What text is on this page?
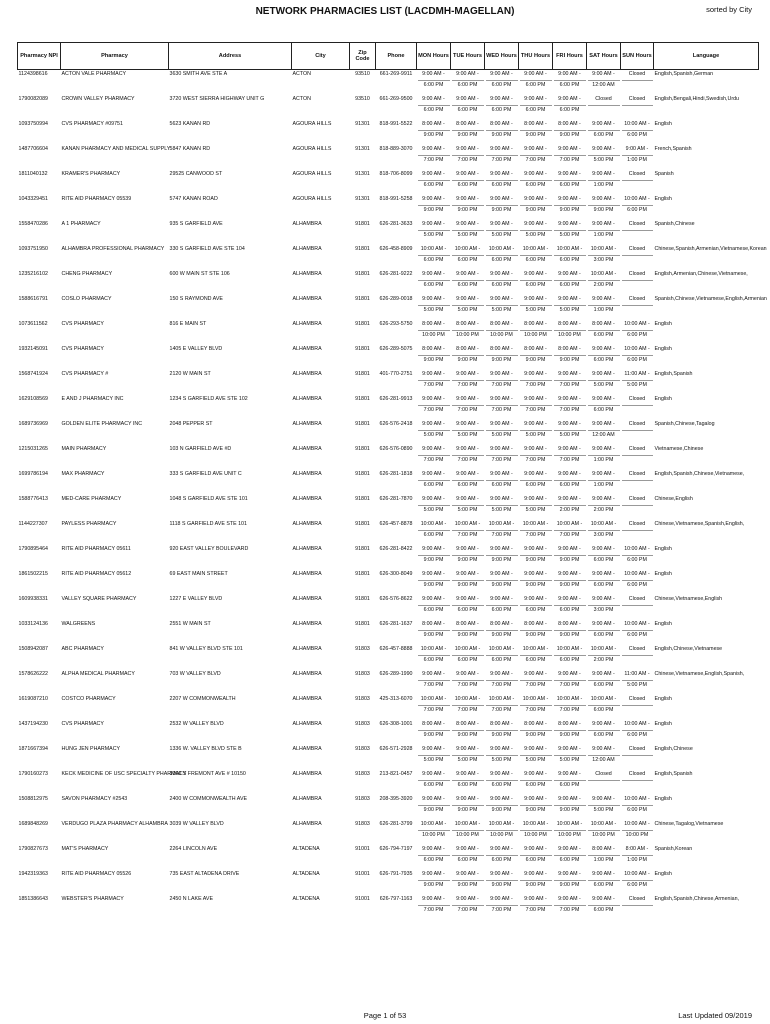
NETWORK PHARMACIES LIST (LACDMH-MAGELLAN)	sorted by City
Pharmacy NPI	Pharmacy	Address	City	Zip Code	Phone	MON Hours	TUE Hours	WED Hours	THU Hours	FRI Hours	SAT Hours	SUN Hours	Language
1124398616	ACTON VALE PHARMACY	3630 SMITH AVE STE A	ACTON	93510	661-269-9911	9:00 AM -
6:00 PM	9:00 AM -
6:00 PM	9:00 AM -
6:00 PM	9:00 AM -
6:00 PM	9:00 AM -
6:00 PM	9:00 AM -
12:00 AM	Closed	English,Spanish,German
1790082089	CROWN VALLEY PHARMACY	3720 WEST SIERRA HIGHWAY UNIT G	ACTON	93510	661-269-9500	9:00 AM -
6:00 PM	9:00 AM -
6:00 PM	9:00 AM -
6:00 PM	9:00 AM -
6:00 PM	9:00 AM -
6:00 PM	Closed	Closed	English,Bengali,Hindi,Swedish,Urdu
1093750994	CVS PHARMACY #09751	5623 KANAN RD	AGOURA HILLS	91301	818-991-5522	8:00 AM -
9:00 PM	8:00 AM -
9:00 PM	8:00 AM -
9:00 PM	8:00 AM -
9:00 PM	8:00 AM -
9:00 PM	9:00 AM -
6:00 PM	10:00 AM -
6:00 PM	English
1487706604	KANAN PHARMACY AND MEDICAL SUPPLY	5847 KANAN RD	AGOURA HILLS	91301	818-889-3070	9:00 AM -
7:00 PM	9:00 AM -
7:00 PM	9:00 AM -
7:00 PM	9:00 AM -
7:00 PM	9:00 AM -
7:00 PM	9:00 AM -
5:00 PM	9:00 AM -
1:00 PM	French,Spanish
1811040132	KRAMER'S PHARMACY	29525 CANWOOD ST	AGOURA HILLS	91301	818-706-8099	9:00 AM -
6:00 PM	9:00 AM -
6:00 PM	9:00 AM -
6:00 PM	9:00 AM -
6:00 PM	9:00 AM -
6:00 PM	9:00 AM -
1:00 PM	Closed	Spanish
1043329451	RITE AID PHARMACY 05539	5747 KANAN ROAD	AGOURA HILLS	91301	818-991-5258	9:00 AM -
9:00 PM	9:00 AM -
9:00 PM	9:00 AM -
9:00 PM	9:00 AM -
9:00 PM	9:00 AM -
9:00 PM	9:00 AM -
9:00 PM	10:00 AM -
6:00 PM	English
1558470286	A 1 PHARMACY	935 S GARFIELD AVE	ALHAMBRA	91801	626-281-3633	9:00 AM -
5:00 PM	9:00 AM -
5:00 PM	9:00 AM -
5:00 PM	9:00 AM -
5:00 PM	9:00 AM -
5:00 PM	9:00 AM -
1:00 PM	Closed	Spanish,Chinese
1093751950	ALHAMBRA PROFESSIONAL PHARMACY	330 S GARFIELD AVE STE 104	ALHAMBRA	91801	626-458-8909	10:00 AM -
6:00 PM	10:00 AM -
6:00 PM	10:00 AM -
6:00 PM	10:00 AM -
6:00 PM	10:00 AM -
6:00 PM	10:00 AM -
3:00 PM	Closed	Chinese,Spanish,Armenian,Vietnamese,Korean
1235216102	CHENG PHARMACY	600 W MAIN ST STE 106	ALHAMBRA	91801	626-281-9222	9:00 AM -
6:00 PM	9:00 AM -
6:00 PM	9:00 AM -
6:00 PM	9:00 AM -
6:00 PM	9:00 AM -
6:00 PM	10:00 AM -
2:00 PM	Closed	English,Armenian,Chinese,Vietnamese,
1588616791	COSLO PHARMACY	150 S RAYMOND AVE	ALHAMBRA	91801	626-289-0018	9:00 AM -
5:00 PM	9:00 AM -
5:00 PM	9:00 AM -
5:00 PM	9:00 AM -
5:00 PM	9:00 AM -
5:00 PM	9:00 AM -
1:00 PM	Closed	Spanish,Chinese,Vietnamese,English,Armenian
1073611562	CVS PHARMACY	816 E MAIN ST	ALHAMBRA	91801	626-293-5750	8:00 AM -
10:00 PM	8:00 AM -
10:00 PM	8:00 AM -
10:00 PM	8:00 AM -
10:00 PM	8:00 AM -
10:00 PM	8:00 AM -
6:00 PM	10:00 AM -
6:00 PM	English
1932145091	CVS PHARMACY	1405 E VALLEY BLVD	ALHAMBRA	91801	626-289-5075	8:00 AM -
9:00 PM	8:00 AM -
9:00 PM	8:00 AM -
9:00 PM	8:00 AM -
9:00 PM	8:00 AM -
9:00 PM	9:00 AM -
6:00 PM	10:00 AM -
6:00 PM	English
1568741924	CVS PHARMACY #	2120 W MAIN ST	ALHAMBRA	91801	401-770-2751	9:00 AM -
7:00 PM	9:00 AM -
7:00 PM	9:00 AM -
7:00 PM	9:00 AM -
7:00 PM	9:00 AM -
7:00 PM	9:00 AM -
5:00 PM	11:00 AM -
5:00 PM	English,Spanish
1629108569	E AND J PHARMACY INC	1234 S GARFIELD AVE STE 102	ALHAMBRA	91801	626-281-9913	9:00 AM -
7:00 PM	9:00 AM -
7:00 PM	9:00 AM -
7:00 PM	9:00 AM -
7:00 PM	9:00 AM -
7:00 PM	9:00 AM -
6:00 PM	Closed	English
1689736969	GOLDEN ELITE PHARMACY INC	2048 PEPPER ST	ALHAMBRA	91801	626-576-2418	9:00 AM -
5:00 PM	9:00 AM -
5:00 PM	9:00 AM -
5:00 PM	9:00 AM -
5:00 PM	9:00 AM -
5:00 PM	9:00 AM -
12:00 AM	Closed	Spanish,Chinese,Tagalog
1215031265	MAIN PHARMACY	103 N GARFIELD AVE #D	ALHAMBRA	91801	626-576-0890	9:00 AM -
7:00 PM	9:00 AM -
7:00 PM	9:00 AM -
7:00 PM	9:00 AM -
7:00 PM	9:00 AM -
7:00 PM	9:00 AM -
1:00 PM	Closed	Vietnamese,Chinese
1699786194	MAX PHARMACY	333 S GARFIELD AVE UNIT C	ALHAMBRA	91801	626-281-1818	9:00 AM -
6:00 PM	9:00 AM -
6:00 PM	9:00 AM -
6:00 PM	9:00 AM -
6:00 PM	9:00 AM -
6:00 PM	9:00 AM -
1:00 PM	Closed	English,Spanish,Chinese,Vietnamese,
1588776413	MED-CARE PHARMACY	1048 S GARFIELD AVE STE 101	ALHAMBRA	91801	626-281-7870	9:00 AM -
5:00 PM	9:00 AM -
5:00 PM	9:00 AM -
5:00 PM	9:00 AM -
5:00 PM	9:00 AM -
2:00 PM	9:00 AM -
2:00 PM	Closed	Chinese,English
1144227307	PAYLESS PHARMACY	1118 S GARFIELD AVE STE 101	ALHAMBRA	91801	626-457-8878	10:00 AM -
6:00 PM	10:00 AM -
7:00 PM	10:00 AM -
7:00 PM	10:00 AM -
7:00 PM	10:00 AM -
7:00 PM	10:00 AM -
3:00 PM	Closed	Chinese,Vietnamese,Spanish,English,
1790895464	RITE AID PHARMACY 05611	920 EAST VALLEY BOULEVARD	ALHAMBRA	91801	626-281-8422	9:00 AM -
9:00 PM	9:00 AM -
9:00 PM	9:00 AM -
9:00 PM	9:00 AM -
9:00 PM	9:00 AM -
9:00 PM	9:00 AM -
6:00 PM	10:00 AM -
6:00 PM	English
1861502215	RITE AID PHARMACY 05612	69 EAST MAIN STREET	ALHAMBRA	91801	626-300-8049	9:00 AM -
9:00 PM	9:00 AM -
9:00 PM	9:00 AM -
9:00 PM	9:00 AM -
9:00 PM	9:00 AM -
9:00 PM	9:00 AM -
6:00 PM	10:00 AM -
6:00 PM	English
1609938331	VALLEY SQUARE PHARMACY	1227 E VALLEY BLVD	ALHAMBRA	91801	626-576-8622	9:00 AM -
6:00 PM	9:00 AM -
6:00 PM	9:00 AM -
6:00 PM	9:00 AM -
6:00 PM	9:00 AM -
6:00 PM	9:00 AM -
3:00 PM	Closed	Chinese,Vietnamese,English
1033124136	WALGREENS	2551 W MAIN ST	ALHAMBRA	91801	626-281-1637	8:00 AM -
9:00 PM	8:00 AM -
9:00 PM	8:00 AM -
9:00 PM	8:00 AM -
9:00 PM	8:00 AM -
9:00 PM	9:00 AM -
6:00 PM	10:00 AM -
6:00 PM	English
1508942087	ABC PHARMACY	841 W VALLEY BLVD STE 101	ALHAMBRA	91803	626-457-8888	10:00 AM -
6:00 PM	10:00 AM -
6:00 PM	10:00 AM -
6:00 PM	10:00 AM -
6:00 PM	10:00 AM -
6:00 PM	10:00 AM -
2:00 PM	Closed	English,Chinese,Vietnamese
1578626222	ALPHA MEDICAL PHARMACY	703 W VALLEY BLVD	ALHAMBRA	91803	626-289-1990	9:00 AM -
7:00 PM	9:00 AM -
7:00 PM	9:00 AM -
7:00 PM	9:00 AM -
7:00 PM	9:00 AM -
7:00 PM	9:00 AM -
6:00 PM	11:00 AM -
5:00 PM	Chinese,Vietnamese,English,Spanish,
1619087210	COSTCO PHARMACY	2207 W COMMONWEALTH	ALHAMBRA	91803	425-313-6070	10:00 AM -
7:00 PM	10:00 AM -
7:00 PM	10:00 AM -
7:00 PM	10:00 AM -
7:00 PM	10:00 AM -
7:00 PM	10:00 AM -
6:00 PM	Closed	English
1437194230	CVS PHARMACY	2532 W VALLEY BLVD	ALHAMBRA	91803	626-308-1001	8:00 AM -
9:00 PM	8:00 AM -
9:00 PM	8:00 AM -
9:00 PM	8:00 AM -
9:00 PM	8:00 AM -
9:00 PM	9:00 AM -
6:00 PM	10:00 AM -
6:00 PM	English
1871667394	HUNG JEN PHARMACY	1336 W. VALLEY BLVD STE B	ALHAMBRA	91803	626-571-2928	9:00 AM -
5:00 PM	9:00 AM -
5:00 PM	9:00 AM -
5:00 PM	9:00 AM -
5:00 PM	9:00 AM -
5:00 PM	9:00 AM -
12:00 AM	Closed	English,Chinese
1790160273	KECK MEDICINE OF USC SPECIALTY PHARMACY	1000 S FREMONT AVE # 10150	ALHAMBRA	91803	213-821-0457	9:00 AM -
6:00 PM	9:00 AM -
6:00 PM	9:00 AM -
6:00 PM	9:00 AM -
6:00 PM	9:00 AM -
6:00 PM	Closed	Closed	English,Spanish
1508812975	SAVON PHARMACY #2543	2400 W COMMONWEALTH AVE	ALHAMBRA	91803	208-395-3920	9:00 AM -
9:00 PM	9:00 AM -
9:00 PM	9:00 AM -
9:00 PM	9:00 AM -
9:00 PM	9:00 AM -
9:00 PM	9:00 AM -
5:00 PM	10:00 AM -
6:00 PM	English
1689848269	VERDUGO PLAZA PHARMACY ALHAMBRA	3039 W VALLEY BLVD	ALHAMBRA	91803	626-281-3799	10:00 AM -
10:00 PM	10:00 AM -
10:00 PM	10:00 AM -
10:00 PM	10:00 AM -
10:00 PM	10:00 AM -
10:00 PM	10:00 AM -
10:00 PM	10:00 AM -
10:00 PM	Chinese,Tagalog,Vietnamese
1790827673	MAT'S PHARMACY	2264 LINCOLN AVE	ALTADENA	91001	626-794-7197	9:00 AM -
6:00 PM	9:00 AM -
6:00 PM	9:00 AM -
6:00 PM	9:00 AM -
6:00 PM	9:00 AM -
6:00 PM	8:00 AM -
1:00 PM	8:00 AM -
1:00 PM	Spanish,Korean
1942319363	RITE AID PHARMACY 05526	735 EAST ALTADENA DRIVE	ALTADENA	91001	626-791-7935	9:00 AM -
9:00 PM	9:00 AM -
9:00 PM	9:00 AM -
9:00 PM	9:00 AM -
9:00 PM	9:00 AM -
9:00 PM	9:00 AM -
6:00 PM	10:00 AM -
6:00 PM	English
1851386643	WEBSTER'S PHARMACY	2450 N LAKE AVE	ALTADENA	91001	626-797-1163	9:00 AM -
7:00 PM	9:00 AM -
7:00 PM	9:00 AM -
7:00 PM	9:00 AM -
7:00 PM	9:00 AM -
7:00 PM	9:00 AM -
6:00 PM	Closed	English,Spanish,Chinese,Armenian,
Page 1 of 53	Last Updated 09/2019
